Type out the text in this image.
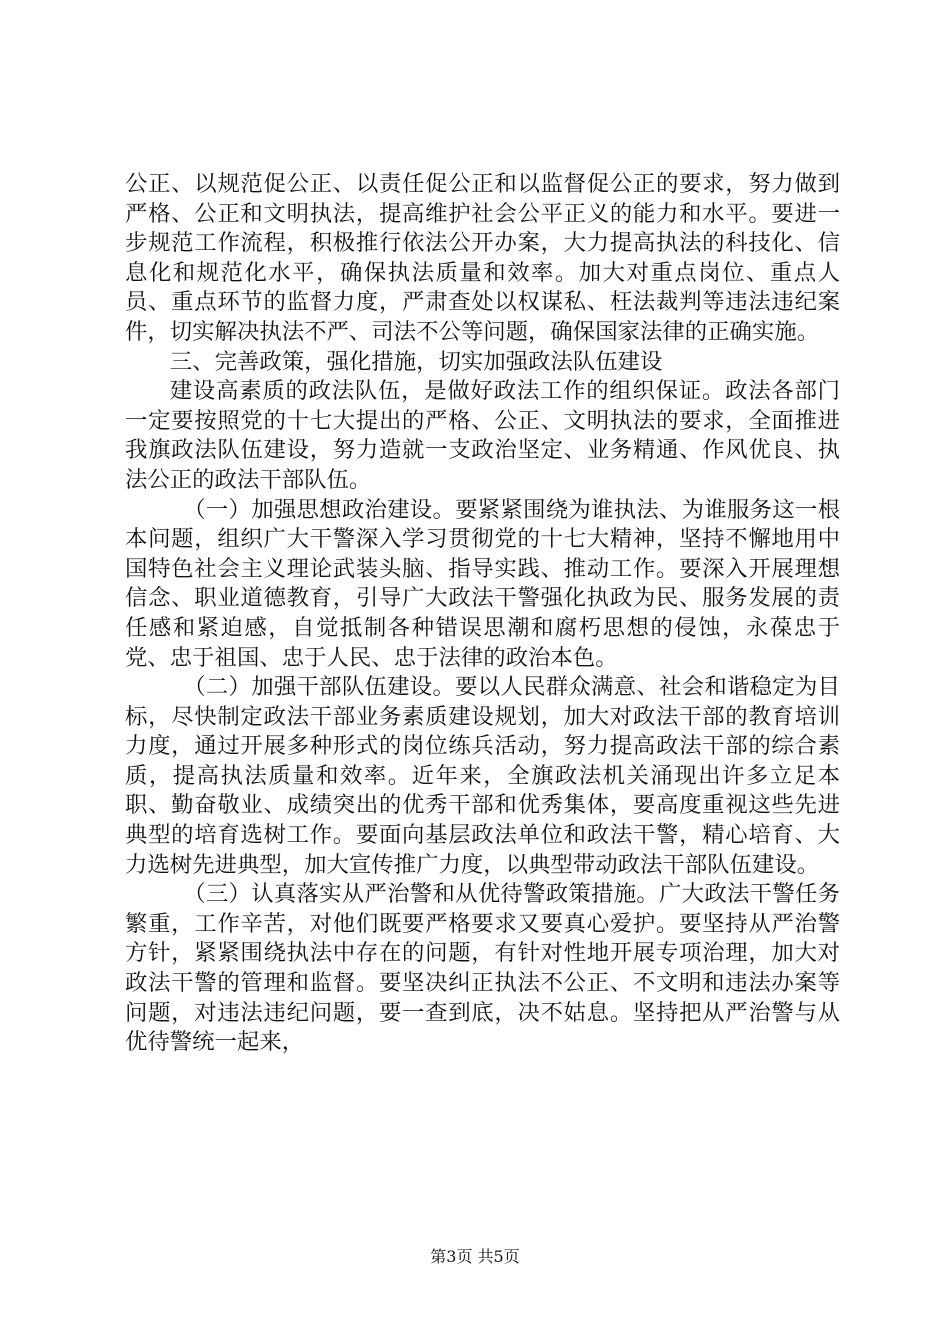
公正、以规范促公正、以责任促公正和以监督促公正的要求，努力做到严格、公正和文明执法，提高维护社会公平正义的能力和水平。要进一步规范工作流程，积极推行依法公开办案，大力提高执法的科技化、信息化和规范化水平，确保执法质量和效率。加大对重点岗位、重点人员、重点环节的监督力度，严肃查处以权谋私、枉法裁判等违法违纪案件，切实解决执法不严、司法不公等问题，确保国家法律的正确实施。

三、完善政策，强化措施，切实加强政法队伍建设

建设高素质的政法队伍，是做好政法工作的组织保证。政法各部门一定要按照党的十七大提出的严格、公正、文明执法的要求，全面推进我旗政法队伍建设，努力造就一支政治坚定、业务精通、作风优良、执法公正的政法干部队伍。

（一）加强思想政治建设。要紧紧围绕为谁执法、为谁服务这一根本问题，组织广大干警深入学习贯彻党的十七大精神，坚持不懈地用中国特色社会主义理论武装头脑、指导实践、推动工作。要深入开展理想信念、职业道德教育，引导广大政法干警强化执政为民、服务发展的责任感和紧迫感，自觉抵制各种错误思潮和腐朽思想的侵蚀，永葆忠于党、忠于祖国、忠于人民、忠于法律的政治本色。

（二）加强干部队伍建设。要以人民群众满意、社会和谐稳定为目标，尽快制定政法干部业务素质建设规划，加大对政法干部的教育培训力度，通过开展多种形式的岗位练兵活动，努力提高政法干部的综合素质，提高执法质量和效率。近年来，全旗政法机关涌现出许多立足本职、勤奋敬业、成绩突出的优秀干部和优秀集体，要高度重视这些先进典型的培育选树工作。要面向基层政法单位和政法干警，精心培育、大力选树先进典型，加大宣传推广力度，以典型带动政法干部队伍建设。

（三）认真落实从严治警和从优待警政策措施。广大政法干警任务繁重，工作辛苦，对他们既要严格要求又要真心爱护。要坚持从严治警方针，紧紧围绕执法中存在的问题，有针对性地开展专项治理，加大对政法干警的管理和监督。要坚决纠正执法不公正、不文明和违法办案等问题，对违法违纪问题，要一查到底，决不姑息。坚持把从严治警与从优待警统一起来，

第3页 共5页
